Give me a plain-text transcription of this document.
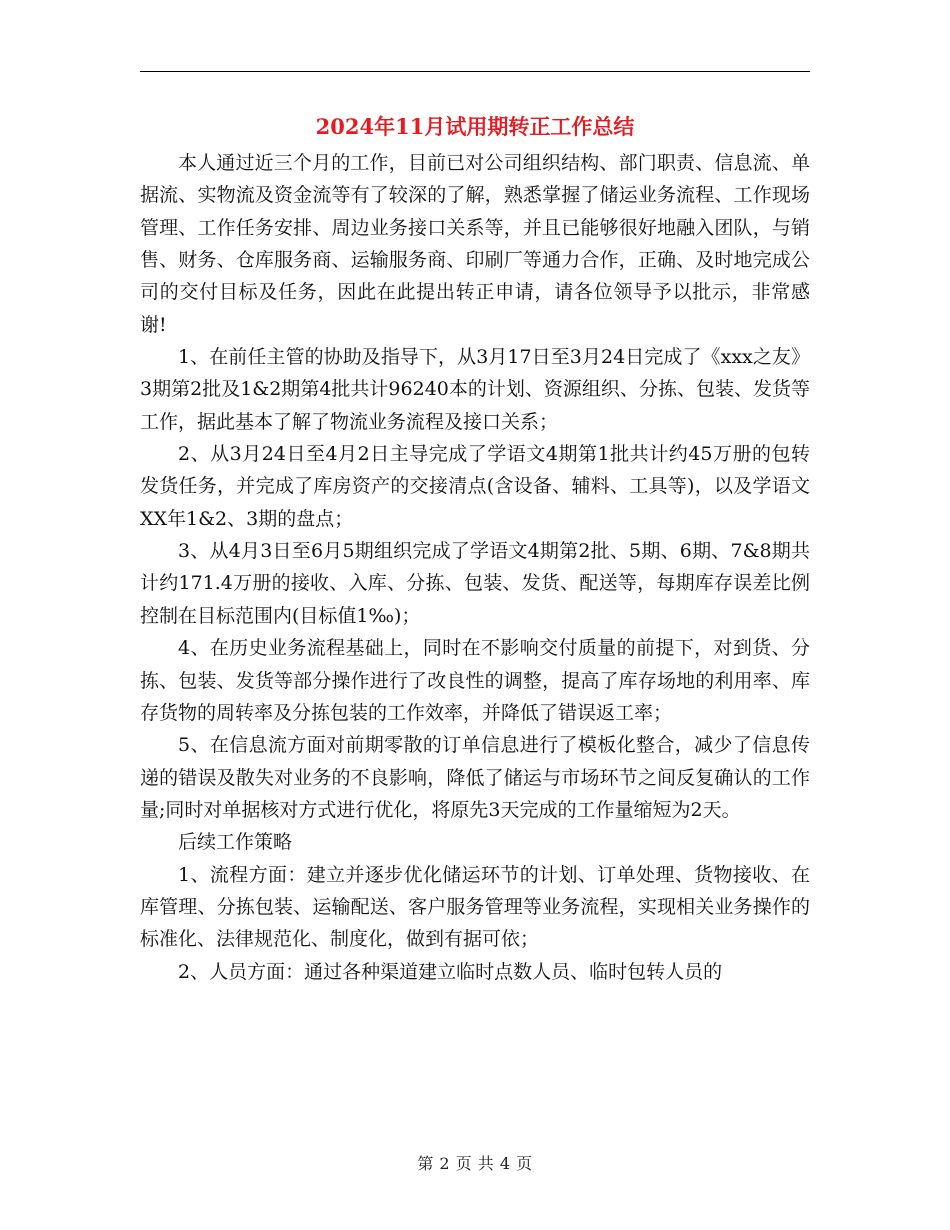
2024年11月试用期转正工作总结

本人通过近三个月的工作，目前已对公司组织结构、部门职责、信息流、单据流、实物流及资金流等有了较深的了解，熟悉掌握了储运业务流程、工作现场管理、工作任务安排、周边业务接口关系等，并且已能够很好地融入团队，与销售、财务、仓库服务商、运输服务商、印刷厂等通力合作，正确、及时地完成公司的交付目标及任务，因此在此提出转正申请，请各位领导予以批示，非常感谢!

1、在前任主管的协助及指导下，从3月17日至3月24日完成了《xxx之友》3期第2批及1&2期第4批共计96240本的计划、资源组织、分拣、包装、发货等工作，据此基本了解了物流业务流程及接口关系；

2、从3月24日至4月2日主导完成了学语文4期第1批共计约45万册的包转发货任务，并完成了库房资产的交接清点(含设备、辅料、工具等)，以及学语文XX年1&2、3期的盘点；

3、从4月3日至6月5期组织完成了学语文4期第2批、5期、6期、7&8期共计约171.4万册的接收、入库、分拣、包装、发货、配送等，每期库存误差比例控制在目标范围内(目标值1‰)；

4、在历史业务流程基础上，同时在不影响交付质量的前提下，对到货、分拣、包装、发货等部分操作进行了改良性的调整，提高了库存场地的利用率、库存货物的周转率及分拣包装的工作效率，并降低了错误返工率；

5、在信息流方面对前期零散的订单信息进行了模板化整合，减少了信息传递的错误及散失对业务的不良影响，降低了储运与市场环节之间反复确认的工作量;同时对单据核对方式进行优化，将原先3天完成的工作量缩短为2天。

后续工作策略

1、流程方面：建立并逐步优化储运环节的计划、订单处理、货物接收、在库管理、分拣包装、运输配送、客户服务管理等业务流程，实现相关业务操作的标准化、法律规范化、制度化，做到有据可依；

2、人员方面：通过各种渠道建立临时点数人员、临时包转人员的

第 2 页 共 4 页
